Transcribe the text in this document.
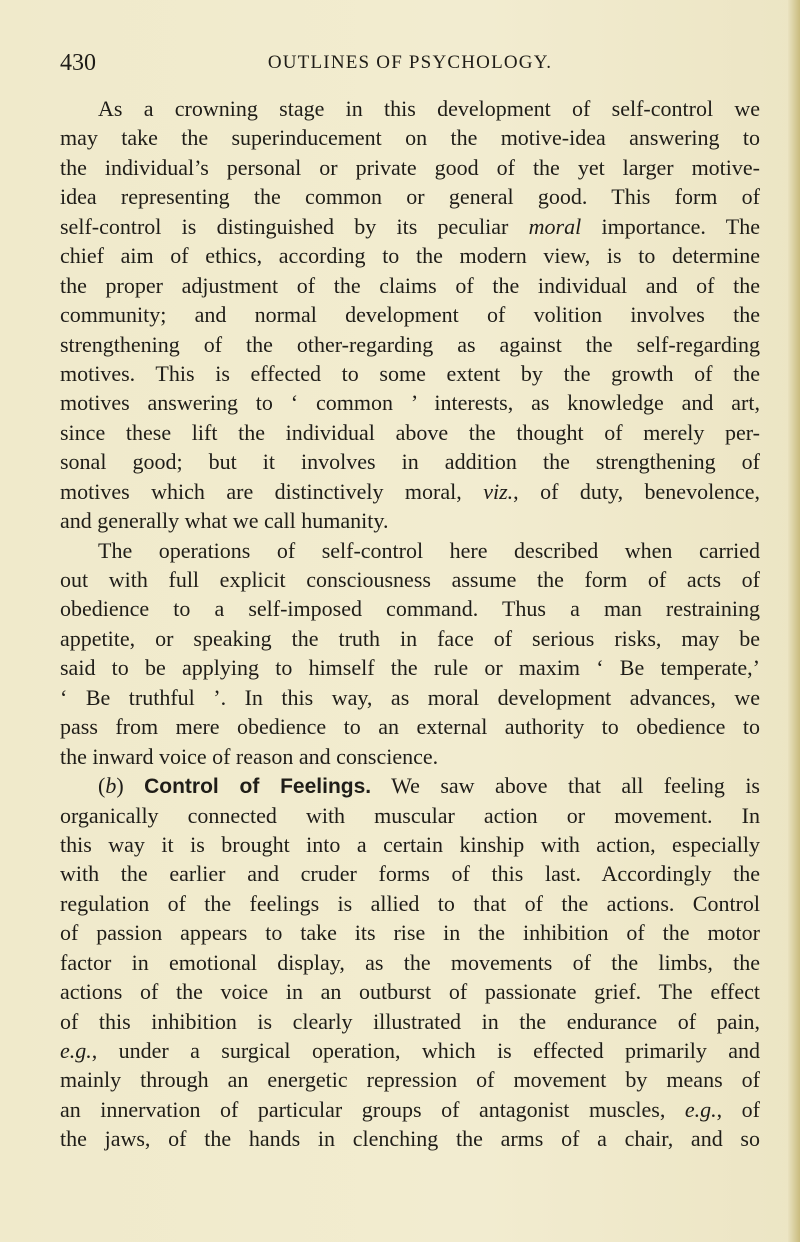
430	OUTLINES OF PSYCHOLOGY.
As a crowning stage in this development of self-control we
may take the superinducement on the motive-idea answering to
the individual’s personal or private good of the yet larger motive-
idea representing the common or general good. This form of
self-control is distinguished by its peculiar moral importance. The
chief aim of ethics, according to the modern view, is to determine
the proper adjustment of the claims of the individual and of the
community; and normal development of volition involves the
strengthening of the other-regarding as against the self-regarding
motives. This is effected to some extent by the growth of the
motives answering to ‘ common ’ interests, as knowledge and art,
since these lift the individual above the thought of merely per-
sonal good; but it involves in addition the strengthening of
motives which are distinctively moral, viz., of duty, benevolence,
and generally what we call humanity.
The operations of self-control here described when carried
out with full explicit consciousness assume the form of acts of
obedience to a self-imposed command. Thus a man restraining
appetite, or speaking the truth in face of serious risks, may be
said to be applying to himself the rule or maxim ‘ Be temperate,’
‘ Be truthful ’. In this way, as moral development advances, we
pass from mere obedience to an external authority to obedience to
the inward voice of reason and conscience.
(b) Control of Feelings. We saw above that all feeling is
organically connected with muscular action or movement. In
this way it is brought into a certain kinship with action, especially
with the earlier and cruder forms of this last. Accordingly the
regulation of the feelings is allied to that of the actions. Control
of passion appears to take its rise in the inhibition of the motor
factor in emotional display, as the movements of the limbs, the
actions of the voice in an outburst of passionate grief. The effect
of this inhibition is clearly illustrated in the endurance of pain,
e.g., under a surgical operation, which is effected primarily and
mainly through an energetic repression of movement by means of
an innervation of particular groups of antagonist muscles, e.g., of
the jaws, of the hands in clenching the arms of a chair, and so
